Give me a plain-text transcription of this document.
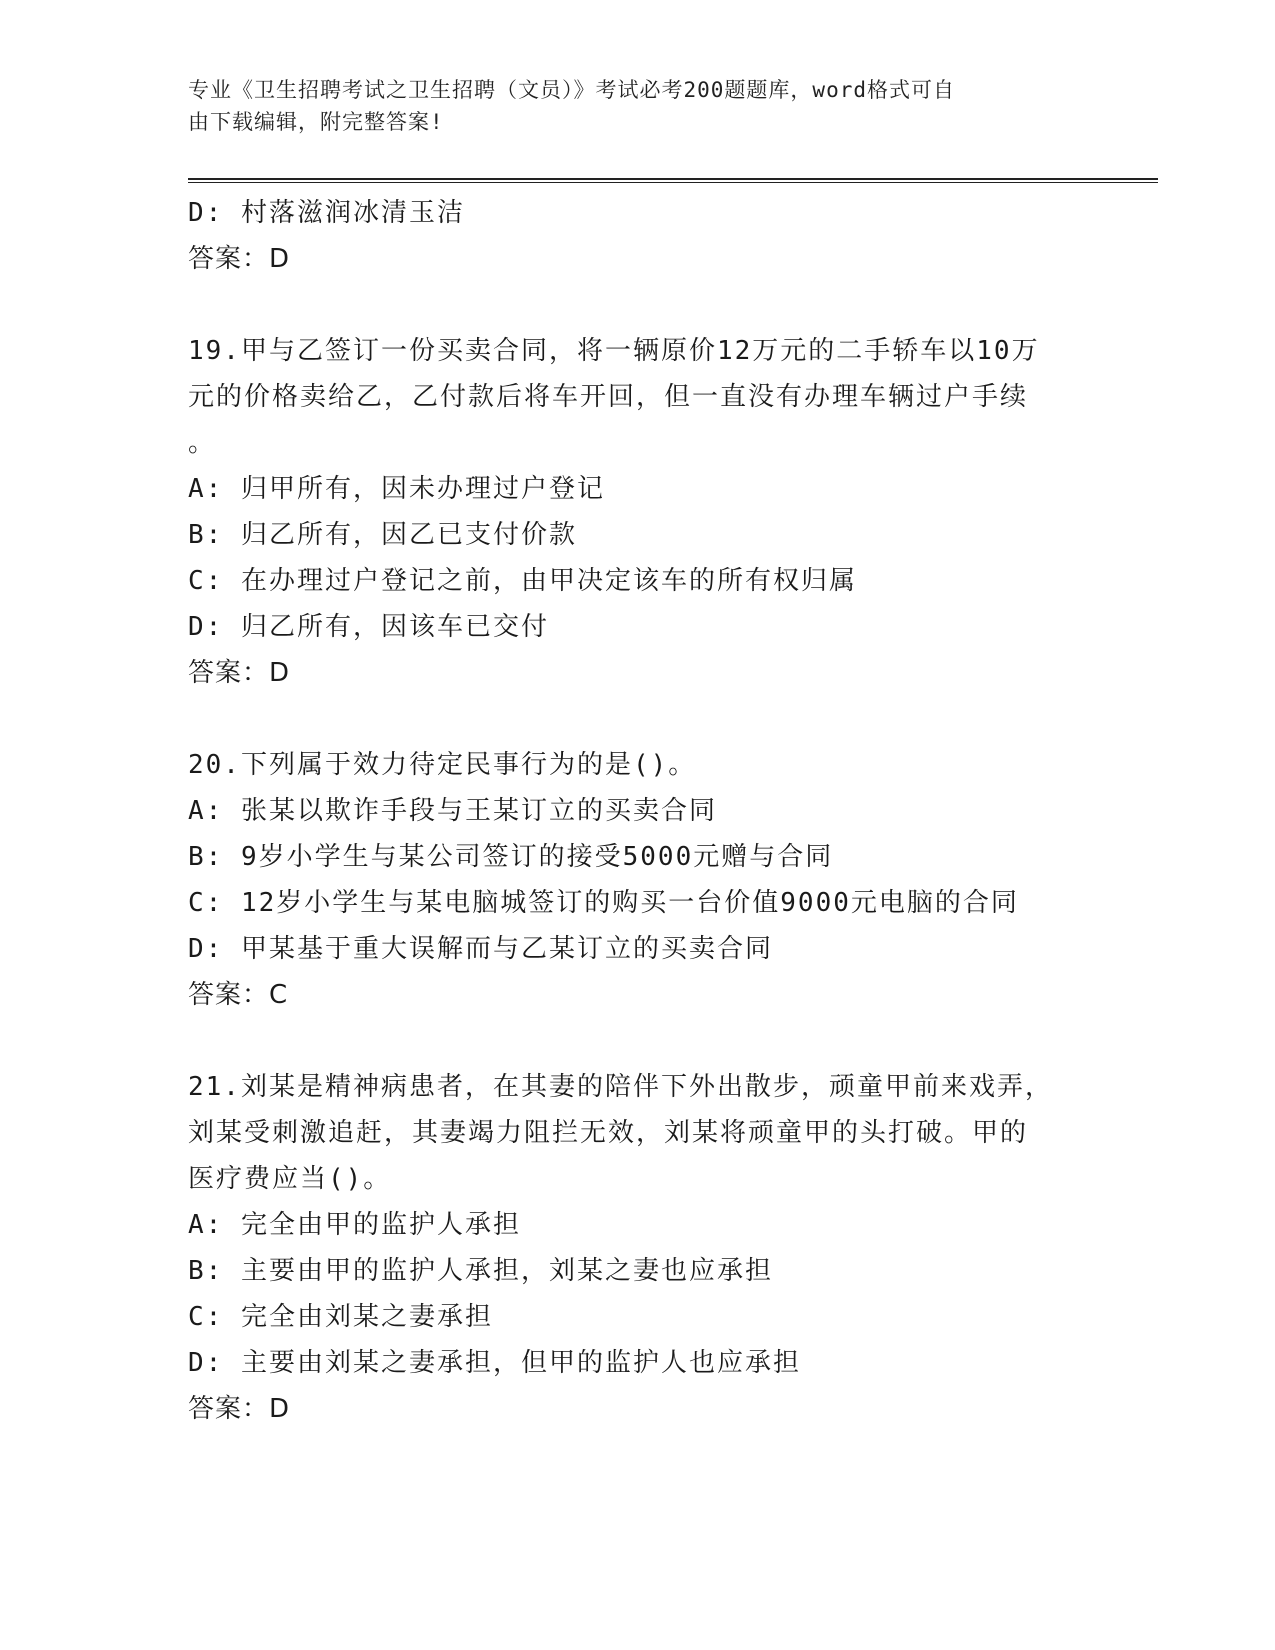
专业《卫生招聘考试之卫生招聘（文员）》考试必考200题题库，word格式可自
由下载编辑，附完整答案!

D: 村落滋润冰清玉洁

答案：D

19.甲与乙签订一份买卖合同，将一辆原价12万元的二手轿车以10万

元的价格卖给乙，乙付款后将车开回，但一直没有办理车辆过户手续

。

A: 归甲所有，因未办理过户登记

B: 归乙所有，因乙已支付价款

C: 在办理过户登记之前，由甲决定该车的所有权归属

D: 归乙所有，因该车已交付

答案：D

20.下列属于效力待定民事行为的是()。

A: 张某以欺诈手段与王某订立的买卖合同

B: 9岁小学生与某公司签订的接受5000元赠与合同

C: 12岁小学生与某电脑城签订的购买一台价值9000元电脑的合同

D: 甲某基于重大误解而与乙某订立的买卖合同

答案：C

21.刘某是精神病患者，在其妻的陪伴下外出散步，顽童甲前来戏弄，

刘某受刺激追赶，其妻竭力阻拦无效，刘某将顽童甲的头打破。甲的

医疗费应当()。

A: 完全由甲的监护人承担

B: 主要由甲的监护人承担，刘某之妻也应承担

C: 完全由刘某之妻承担

D: 主要由刘某之妻承担，但甲的监护人也应承担

答案：D
